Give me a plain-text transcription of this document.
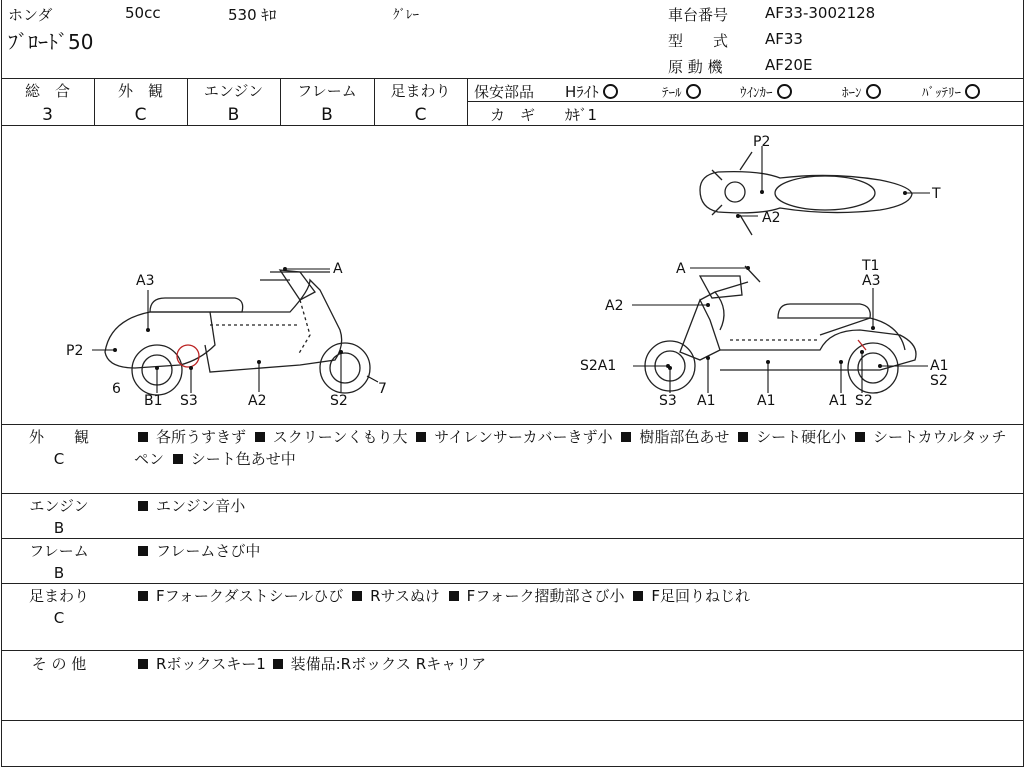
ホンダ	50cc	530 ｷﾛ	ｸﾞﾚｰ
ﾌﾞﾛｰﾄﾞ50
車台番号 AF33-3002128
型　　式 AF33
原 動 機	AF20E
総　合
3
外　観
C
エンジン
B
フレーム
B
足まわり
C
保安部品 Hﾗｲﾄ	ﾃｰﾙ	ｳｲﾝｶｰ	ﾎｰﾝ	ﾊﾞｯﾃﾘｰ
カ　ギ ｶｷﾞ1
A3
A
P2
6
B1 S3	A2	S2
7
P2
T
A2
A
A2
T1
A3
S2A1	A1
S2
S3 A1	A1	A1 S2
外　　観
C
各所うすきず スクリーンくもり大 サイレンサーカバーきず小 樹脂部色あせ シート硬化小 シートカウルタッチペン シート色あせ中
エンジン
B
エンジン音小
フレーム
B
フレームさび中
足まわり
C
Fフォークダストシールひび Rサスぬけ Fフォーク摺動部さび小 F足回りねじれ
そ の 他	Rボックスキー1 装備品:Rボックス Rキャリア
